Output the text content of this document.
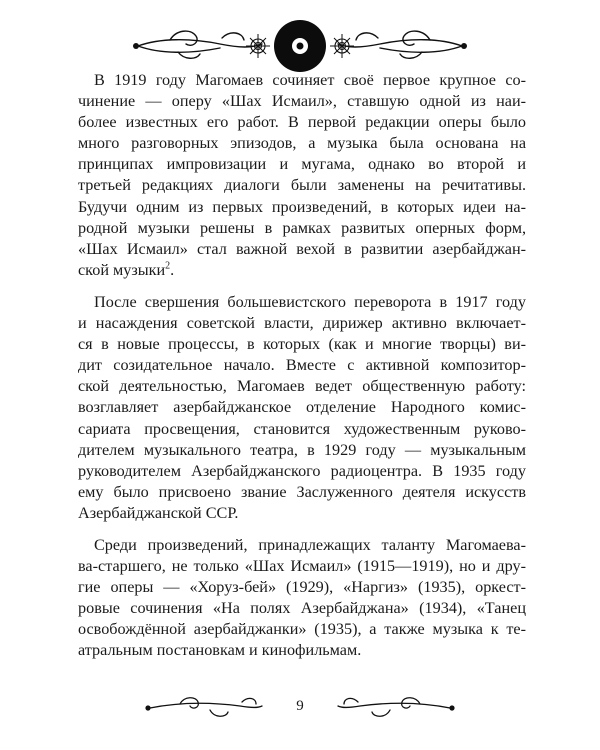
В 1919 году Магомаев сочиняет своё первое крупное со-
чинение — оперу «Шах Исмаил», ставшую одной из наи-
более известных его работ. В первой редакции оперы было
много разговорных эпизодов, а музыка была основана на
принципах импровизации и мугама, однако во второй и
третьей редакциях диалоги были заменены на речитативы.
Будучи одним из первых произведений, в которых идеи на-
родной музыки решены в рамках развитых оперных форм,
«Шах Исмаил» стал важной вехой в развитии азербайджан-
ской музыки$^2$.

После свершения большевистского переворота в 1917 году
и насаждения советской власти, дирижер активно включает-
ся в новые процессы, в которых (как и многие творцы) ви-
дит созидательное начало. Вместе с активной композитор-
ской деятельностью, Магомаев ведет общественную работу:
возглавляет азербайджанское отделение Народного комис-
сариата просвещения, становится художественным руково-
дителем музыкального театра, в 1929 году — музыкальным
руководителем Азербайджанского радиоцентра. В 1935 году
ему было присвоено звание Заслуженного деятеля искусств
Азербайджанской ССР.

Среди произведений, принадлежащих таланту Магомаева-
ва-старшего, не только «Шах Исмаил» (1915—1919), но и дру-
гие оперы — «Хоруз-бей» (1929), «Наргиз» (1935), оркест-
ровые сочинения «На полях Азербайджана» (1934), «Танец
освобождённой азербайджанки» (1935), а также музыка к те-
атральным постановкам и кинофильмам.

9
